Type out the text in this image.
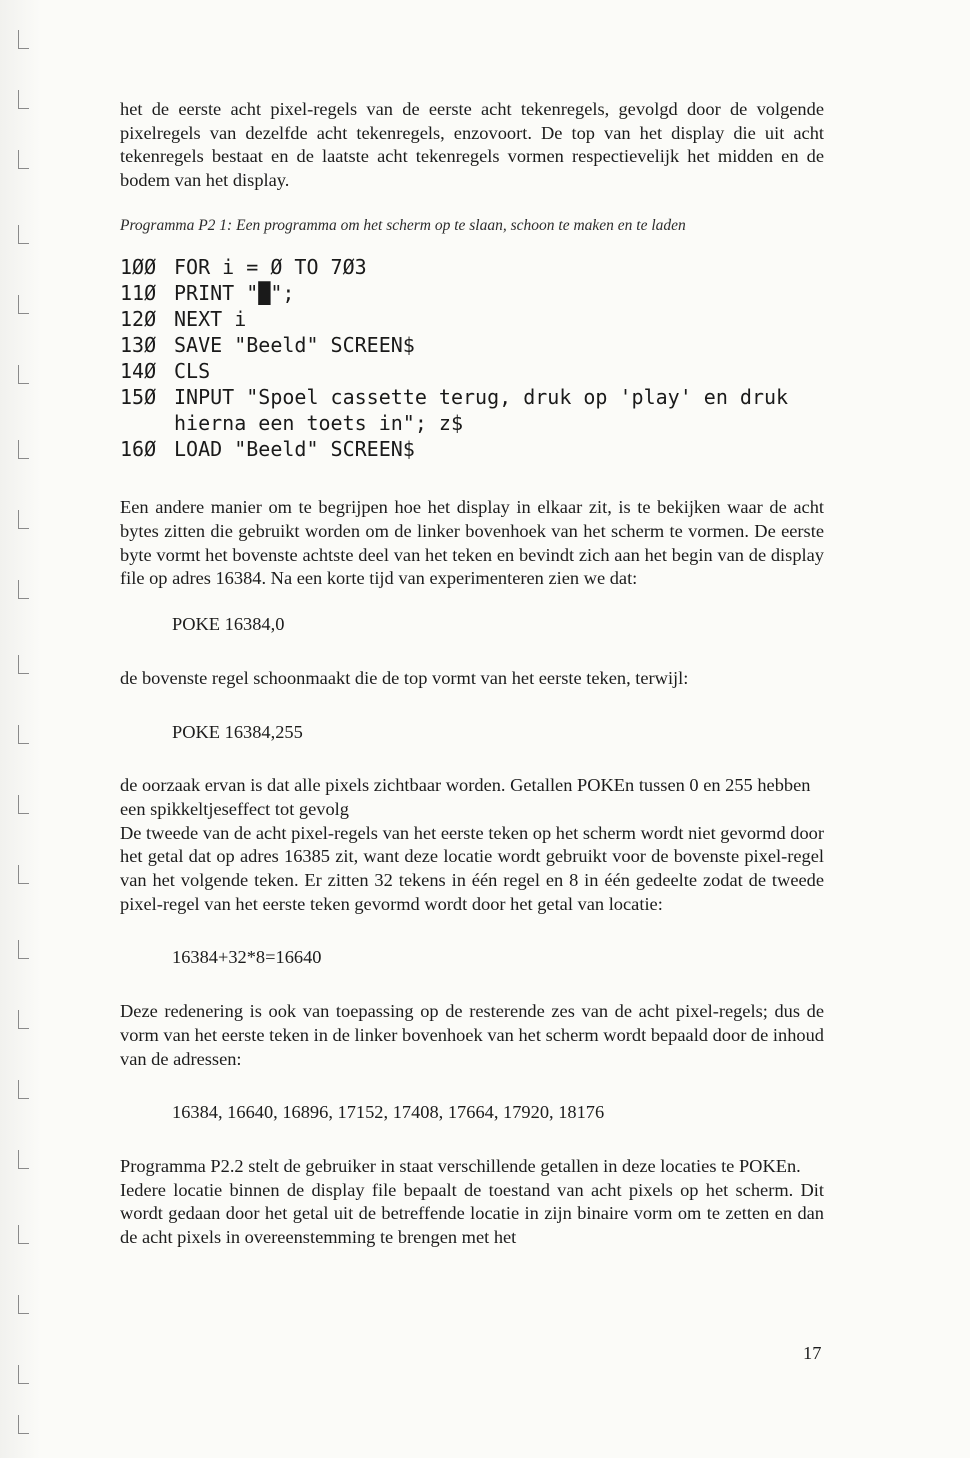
het de eerste acht pixel-regels van de eerste acht tekenregels, gevolgd door de volgende pixelregels van dezelfde acht tekenregels, enzovoort. De top van het display die uit acht tekenregels bestaat en de laatste acht tekenregels vormen respectievelijk het midden en de bodem van het display.

Programma P2 1: Een programma om het scherm op te slaan, schoon te maken en te laden

1ØØ FOR i = Ø TO 7Ø3
11Ø PRINT "█";
12Ø NEXT i
13Ø SAVE "Beeld" SCREEN$
14Ø CLS
15Ø INPUT "Spoel cassette terug, druk op 'play' en druk hierna een toets in"; z$
16Ø LOAD "Beeld" SCREEN$

Een andere manier om te begrijpen hoe het display in elkaar zit, is te bekijken waar de acht bytes zitten die gebruikt worden om de linker bovenhoek van het scherm te vormen. De eerste byte vormt het bovenste achtste deel van het teken en bevindt zich aan het begin van de display file op adres 16384. Na een korte tijd van experimenteren zien we dat:

POKE 16384,0

de bovenste regel schoonmaakt die de top vormt van het eerste teken, terwijl:

POKE 16384,255

de oorzaak ervan is dat alle pixels zichtbaar worden. Getallen POKEn tussen 0 en 255 hebben een spikkeltjeseffect tot gevolg

De tweede van de acht pixel-regels van het eerste teken op het scherm wordt niet gevormd door het getal dat op adres 16385 zit, want deze locatie wordt gebruikt voor de bovenste pixel-regel van het volgende teken. Er zitten 32 tekens in één regel en 8 in één gedeelte zodat de tweede pixel-regel van het eerste teken gevormd wordt door het getal van locatie:

16384+32*8=16640

Deze redenering is ook van toepassing op de resterende zes van de acht pixel-regels; dus de vorm van het eerste teken in de linker bovenhoek van het scherm wordt bepaald door de inhoud van de adressen:

16384, 16640, 16896, 17152, 17408, 17664, 17920, 18176

Programma P2.2 stelt de gebruiker in staat verschillende getallen in deze locaties te POKEn.

Iedere locatie binnen de display file bepaalt de toestand van acht pixels op het scherm. Dit wordt gedaan door het getal uit de betreffende locatie in zijn binaire vorm om te zetten en dan de acht pixels in overeenstemming te brengen met het

17
